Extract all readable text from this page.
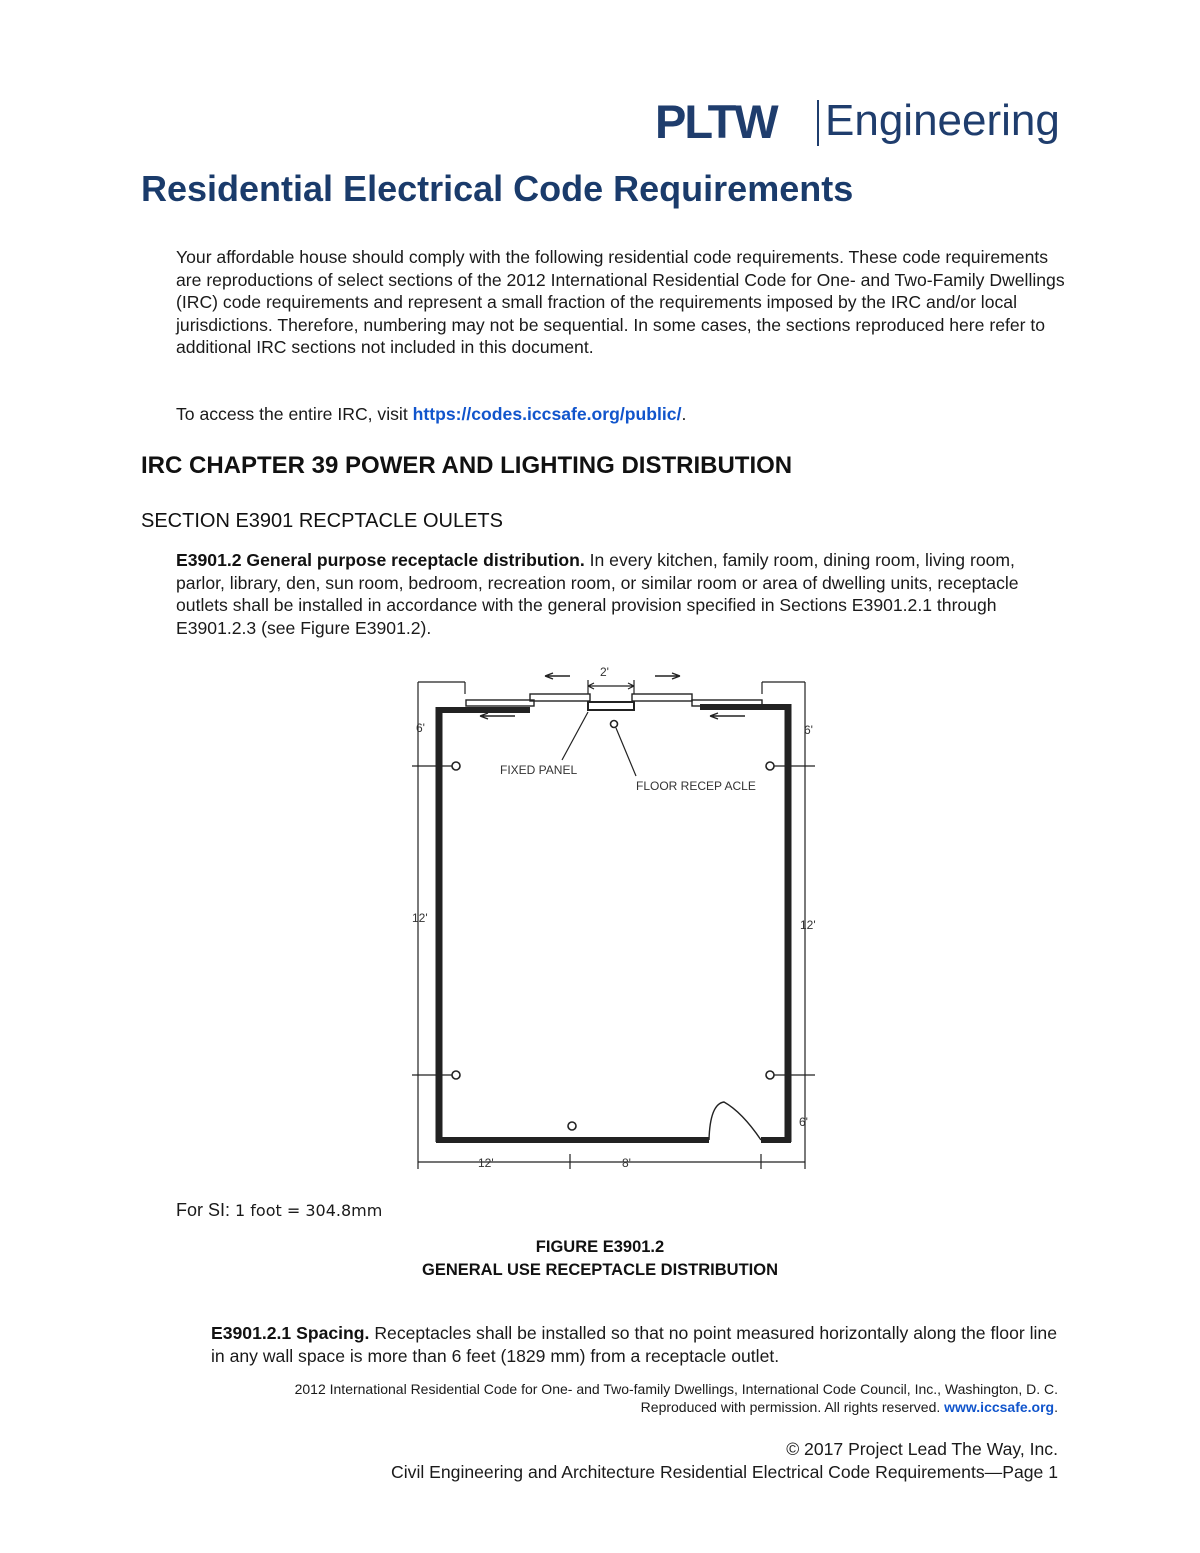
PLTW Engineering
Residential Electrical Code Requirements

Your affordable house should comply with the following residential code requirements. These code requirements are reproductions of select sections of the 2012 International Residential Code for One- and Two-Family Dwellings (IRC) code requirements and represent a small fraction of the requirements imposed by the IRC and/or local jurisdictions. Therefore, numbering may not be sequential. In some cases, the sections reproduced here refer to additional IRC sections not included in this document.

To access the entire IRC, visit https://codes.iccsafe.org/public/.

IRC CHAPTER 39 POWER AND LIGHTING DISTRIBUTION
SECTION E3901 RECPTACLE OULETS

E3901.2 General purpose receptacle distribution. In every kitchen, family room, dining room, living room, parlor, library, den, sun room, bedroom, recreation room, or similar room or area of dwelling units, receptacle outlets shall be installed in accordance with the general provision specified in Sections E3901.2.1 through E3901.2.3 (see Figure E3901.2).

2'
6'	6'
12'	12'
6'
12'	8'
FIXED PANEL
FLOOR RECEP ACLE
For SI: 1 foot = 304.8mm

FIGURE E3901.2

GENERAL USE RECEPTACLE DISTRIBUTION

E3901.2.1 Spacing. Receptacles shall be installed so that no point measured horizontally along the floor line in any wall space is more than 6 feet (1829 mm) from a receptacle outlet.

2012 International Residential Code for One- and Two-family Dwellings, International Code Council, Inc., Washington, D. C.

Reproduced with permission. All rights reserved. www.iccsafe.org.

© 2017 Project Lead The Way, Inc.

Civil Engineering and Architecture Residential Electrical Code Requirements—Page 1
